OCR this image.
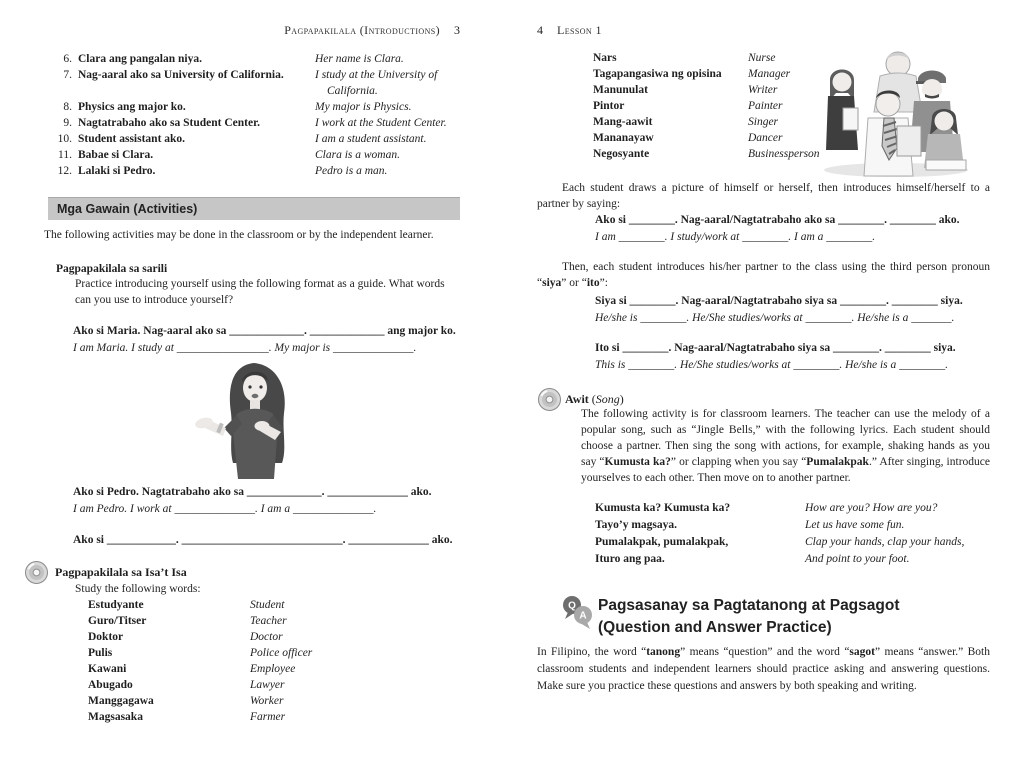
Pagpapakilala (Introductions) 3
6. Clara ang pangalan niya.	Her name is Clara.
7. Nag-aaral ako sa University of California.	I study at the University of California.
8. Physics ang major ko.	My major is Physics.
9. Nagtatrabaho ako sa Student Center.	I work at the Student Center.
10. Student assistant ako.	I am a student assistant.
11. Babae si Clara.	Clara is a woman.
12. Lalaki si Pedro.	Pedro is a man.
Mga Gawain (Activities)

The following activities may be done in the classroom or by the independent learner.

Pagpapakilala sa sarili

Practice introducing yourself using the following format as a guide. What words can you use to introduce yourself?

Ako si Maria. Nag-aaral ako sa _____________. _____________ ang major ko.

I am Maria. I study at ________________. My major is ______________.

Ako si Pedro. Nagtatrabaho ako sa _____________. ______________ ako.

I am Pedro. I work at ______________. I am a ______________.

Ako si ____________. ____________________________. ______________ ako.

Pagpapakilala sa Isa’t Isa
Study the following words:
Estudyante	Student
Guro/Titser	Teacher
Doktor	Doctor
Pulis	Police officer
Kawani	Employee
Abugado	Lawyer
Manggagawa	Worker
Magsasaka	Farmer
4 Lesson 1
Nars	Nurse
Tagapangasiwa ng opisina	Manager
Manunulat	Writer
Pintor	Painter
Mang-aawit	Singer
Mananayaw	Dancer
Negosyante	Businessperson

Each student draws a picture of himself or herself, then introduces himself/herself to a partner by saying:

Ako si ________. Nag-aaral/Nagtatrabaho ako sa ________. ________ ako.

I am ________. I study/work at ________. I am a ________.

Then, each student introduces his/her partner to the class using the third person pronoun “siya” or “ito”:

Siya si ________. Nag-aaral/Nagtatrabaho siya sa ________. ________ siya.

He/she is ________. He/She studies/works at ________. He/she is a _______.

Ito si ________. Nag-aaral/Nagtatrabaho siya sa ________. ________ siya.

This is ________. He/She studies/works at ________. He/she is a ________.

Awit (Song)

The following activity is for classroom learners. The teacher can use the melody of a popular song, such as “Jingle Bells,” with the following lyrics. Each student should choose a partner. Then sing the song with actions, for example, shaking hands as you say “Kumusta ka?” or clapping when you say “Pumalakpak.” After singing, introduce yourselves to each other. Then move on to another partner.

Kumusta ka? Kumusta ka?	How are you? How are you?
Tayo’y magsaya.	Let us have some fun.
Pumalakpak, pumalakpak,	Clap your hands, clap your hands,
Ituro ang paa.	And point to your foot.
Q
A
Pagsasanay sa Pagtatanong at Pagsagot
(Question and Answer Practice)

In Filipino, the word “tanong” means “question” and the word “sagot” means “answer.” Both classroom students and independent learners should practice asking and answering questions. Make sure you practice these questions and answers by both speaking and writing.
